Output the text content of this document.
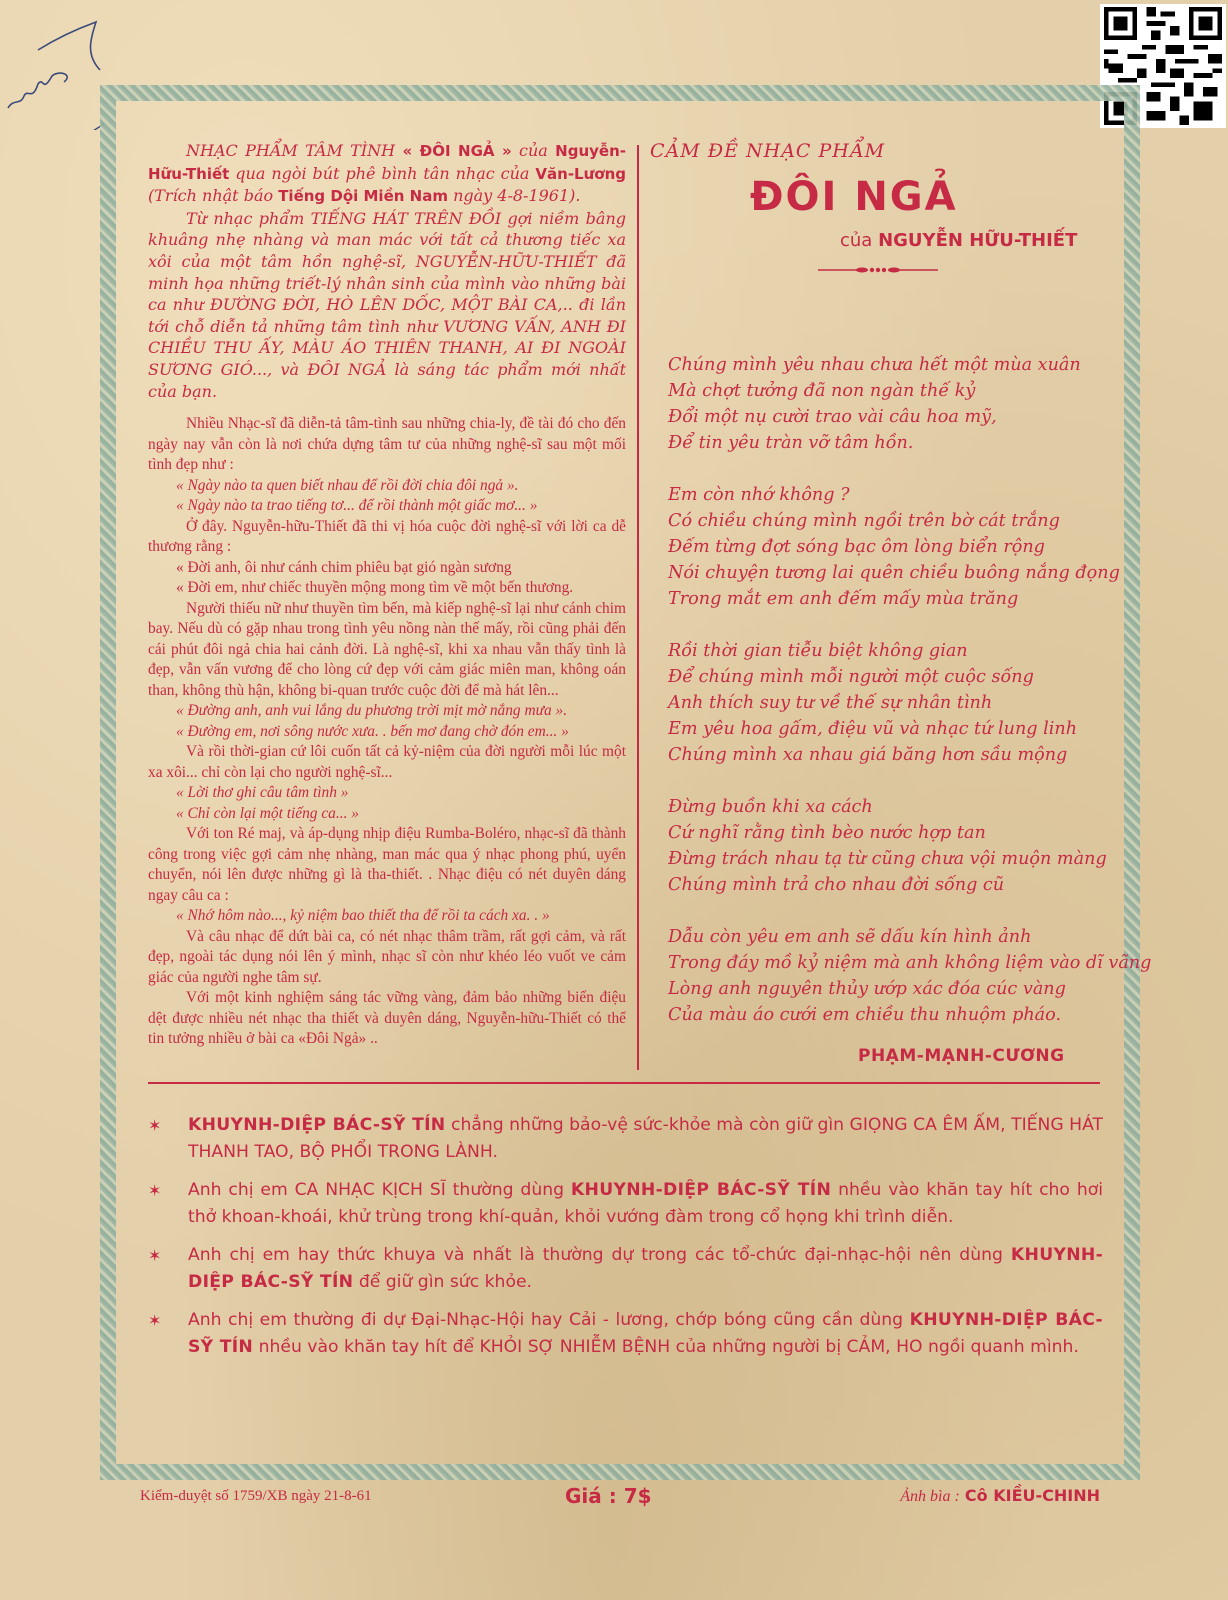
NHẠC PHẨM TÂM TÌNH « ĐÔI NGẢ » của Nguyễn-Hữu-Thiết qua ngòi bút phê bình tân nhạc của Văn-Lương (Trích nhật báo Tiếng Dội Miền Nam ngày 4-8-1961).

Từ nhạc phẩm TIẾNG HÁT TRÊN ĐỒI gợi niềm bâng khuâng nhẹ nhàng và man mác với tất cả thương tiếc xa xôi của một tâm hồn nghệ-sĩ, NGUYỄN-HỮU-THIẾT đã minh họa những triết-lý nhân sinh của mình vào những bài ca như ĐƯỜNG ĐỜI, HÒ LÊN DỐC, MỘT BÀI CA,.. đi lần tới chỗ diễn tả những tâm tình như VƯƠNG VẤN, ANH ĐI CHIỀU THU ẤY, MÀU ÁO THIÊN THANH, AI ĐI NGOÀI SƯƠNG GIÓ..., và ĐÔI NGẢ là sáng tác phẩm mới nhất của bạn.

Nhiều Nhạc-sĩ đã diễn-tả tâm-tình sau những chia-ly, đề tài đó cho đến ngày nay vẫn còn là nơi chứa dựng tâm tư của những nghệ-sĩ sau một mối tình đẹp như :

« Ngày nào ta quen biết nhau để rồi đời chia đôi ngả ».

« Ngày nào ta trao tiếng tơ... để rồi thành một giấc mơ... »

Ở đây. Nguyễn-hữu-Thiết đã thi vị hóa cuộc đời nghệ-sĩ với lời ca dễ thương rằng :

« Đời anh, ôi như cánh chim phiêu bạt gió ngàn sương

« Đời em, như chiếc thuyền mộng mong tìm về một bến thương.

Người thiếu nữ như thuyền tìm bến, mà kiếp nghệ-sĩ lại như cánh chim bay. Nếu dù có gặp nhau trong tình yêu nồng nàn thế mấy, rồi cũng phải đến cái phút đôi ngả chia hai cảnh đời. Là nghệ-sĩ, khi xa nhau vẫn thấy tình là đẹp, vẫn vấn vương để cho lòng cứ đẹp với cảm giác miên man, không oán than, không thù hận, không bi-quan trước cuộc đời để mà hát lên...

« Đường anh, anh vui lắng du phương trời mịt mờ nắng mưa ».

« Đường em, nơi sông nước xưa. . bến mơ đang chờ đón em... »

Và rồi thời-gian cứ lôi cuốn tất cả kỷ-niệm của đời người mỗi lúc một xa xôi... chỉ còn lại cho người nghệ-sĩ...

« Lời thơ ghi câu tâm tình »

« Chỉ còn lại một tiếng ca... »

Với ton Ré maj, và áp-dụng nhịp điệu Rumba-Boléro, nhạc-sĩ đã thành công trong việc gợi cảm nhẹ nhàng, man mác qua ý nhạc phong phú, uyển chuyển, nói lên được những gì là tha-thiết. . Nhạc điệu có nét duyên dáng ngay câu ca :

« Nhớ hôm nào..., kỷ niệm bao thiết tha để rồi ta cách xa. . »

Và câu nhạc để dứt bài ca, có nét nhạc thâm trầm, rất gợi cảm, và rất đẹp, ngoài tác dụng nói lên ý mình, nhạc sĩ còn như khéo léo vuốt ve cảm giác của người nghe tâm sự.

Với một kinh nghiệm sáng tác vững vàng, đảm bảo những biến điệu dệt được nhiều nét nhạc tha thiết và duyên dáng, Nguyễn-hữu-Thiết có thể tin tưởng nhiều ở bài ca «Đôi Ngả» ..

CẢM ĐỀ NHẠC PHẨM

ĐÔI NGẢ
của NGUYỄN HỮU-THIẾT
Chúng mình yêu nhau chưa hết một mùa xuân
Mà chợt tưởng đã non ngàn thế kỷ
Đổi một nụ cười trao vài câu hoa mỹ,
Để tin yêu tràn vỡ tâm hồn.
Em còn nhớ không ?
Có chiều chúng mình ngồi trên bờ cát trắng
Đếm từng đợt sóng bạc ôm lòng biển rộng
Nói chuyện tương lai quên chiều buông nắng đọng
Trong mắt em anh đếm mấy mùa trăng
Rồi thời gian tiễu biệt không gian
Để chúng mình mỗi người một cuộc sống
Anh thích suy tư về thế sự nhân tình
Em yêu hoa gấm, điệu vũ và nhạc tứ lung linh
Chúng mình xa nhau giá băng hơn sầu mộng
Đừng buồn khi xa cách
Cứ nghĩ rằng tình bèo nước hợp tan
Đừng trách nhau tạ từ cũng chưa vội muộn màng
Chúng mình trả cho nhau đời sống cũ
Dẫu còn yêu em anh sẽ dấu kín hình ảnh
Trong đáy mồ kỷ niệm mà anh không liệm vào dĩ vãng
Lòng anh nguyên thủy ướp xác đóa cúc vàng
Của màu áo cưới em chiều thu nhuộm pháo.
PHẠM-MẠNH-CƯƠNG
✶ KHUYNH-DIỆP BÁC-SỸ TÍN chẳng những bảo-vệ sức-khỏe mà còn giữ gìn GIỌNG CA ÊM ẤM, TIẾNG HÁT THANH TAO, BỘ PHỔI TRONG LÀNH.
✶ Anh chị em CA NHẠC KỊCH SĨ thường dùng KHUYNH-DIỆP BÁC-SỸ TÍN nhều vào khăn tay hít cho hơi thở khoan-khoái, khử trùng trong khí-quản, khỏi vướng đàm trong cổ họng khi trình diễn.
✶ Anh chị em hay thức khuya và nhất là thường dự trong các tổ-chức đại-nhạc-hội nên dùng KHUYNH-DIỆP BÁC-SỸ TÍN để giữ gìn sức khỏe.
✶ Anh chị em thường đi dự Đại-Nhạc-Hội hay Cải - lương, chớp bóng cũng cần dùng KHUYNH-DIỆP BÁC-SỸ TÍN nhều vào khăn tay hít để KHỎI SỢ NHIỄM BỆNH của những người bị CẢM, HO ngồi quanh mình.
Kiểm-duyệt số 1759/XB ngày 21-8-61	Giá : 7$	Ảnh bìa : Cô KIỀU-CHINH
